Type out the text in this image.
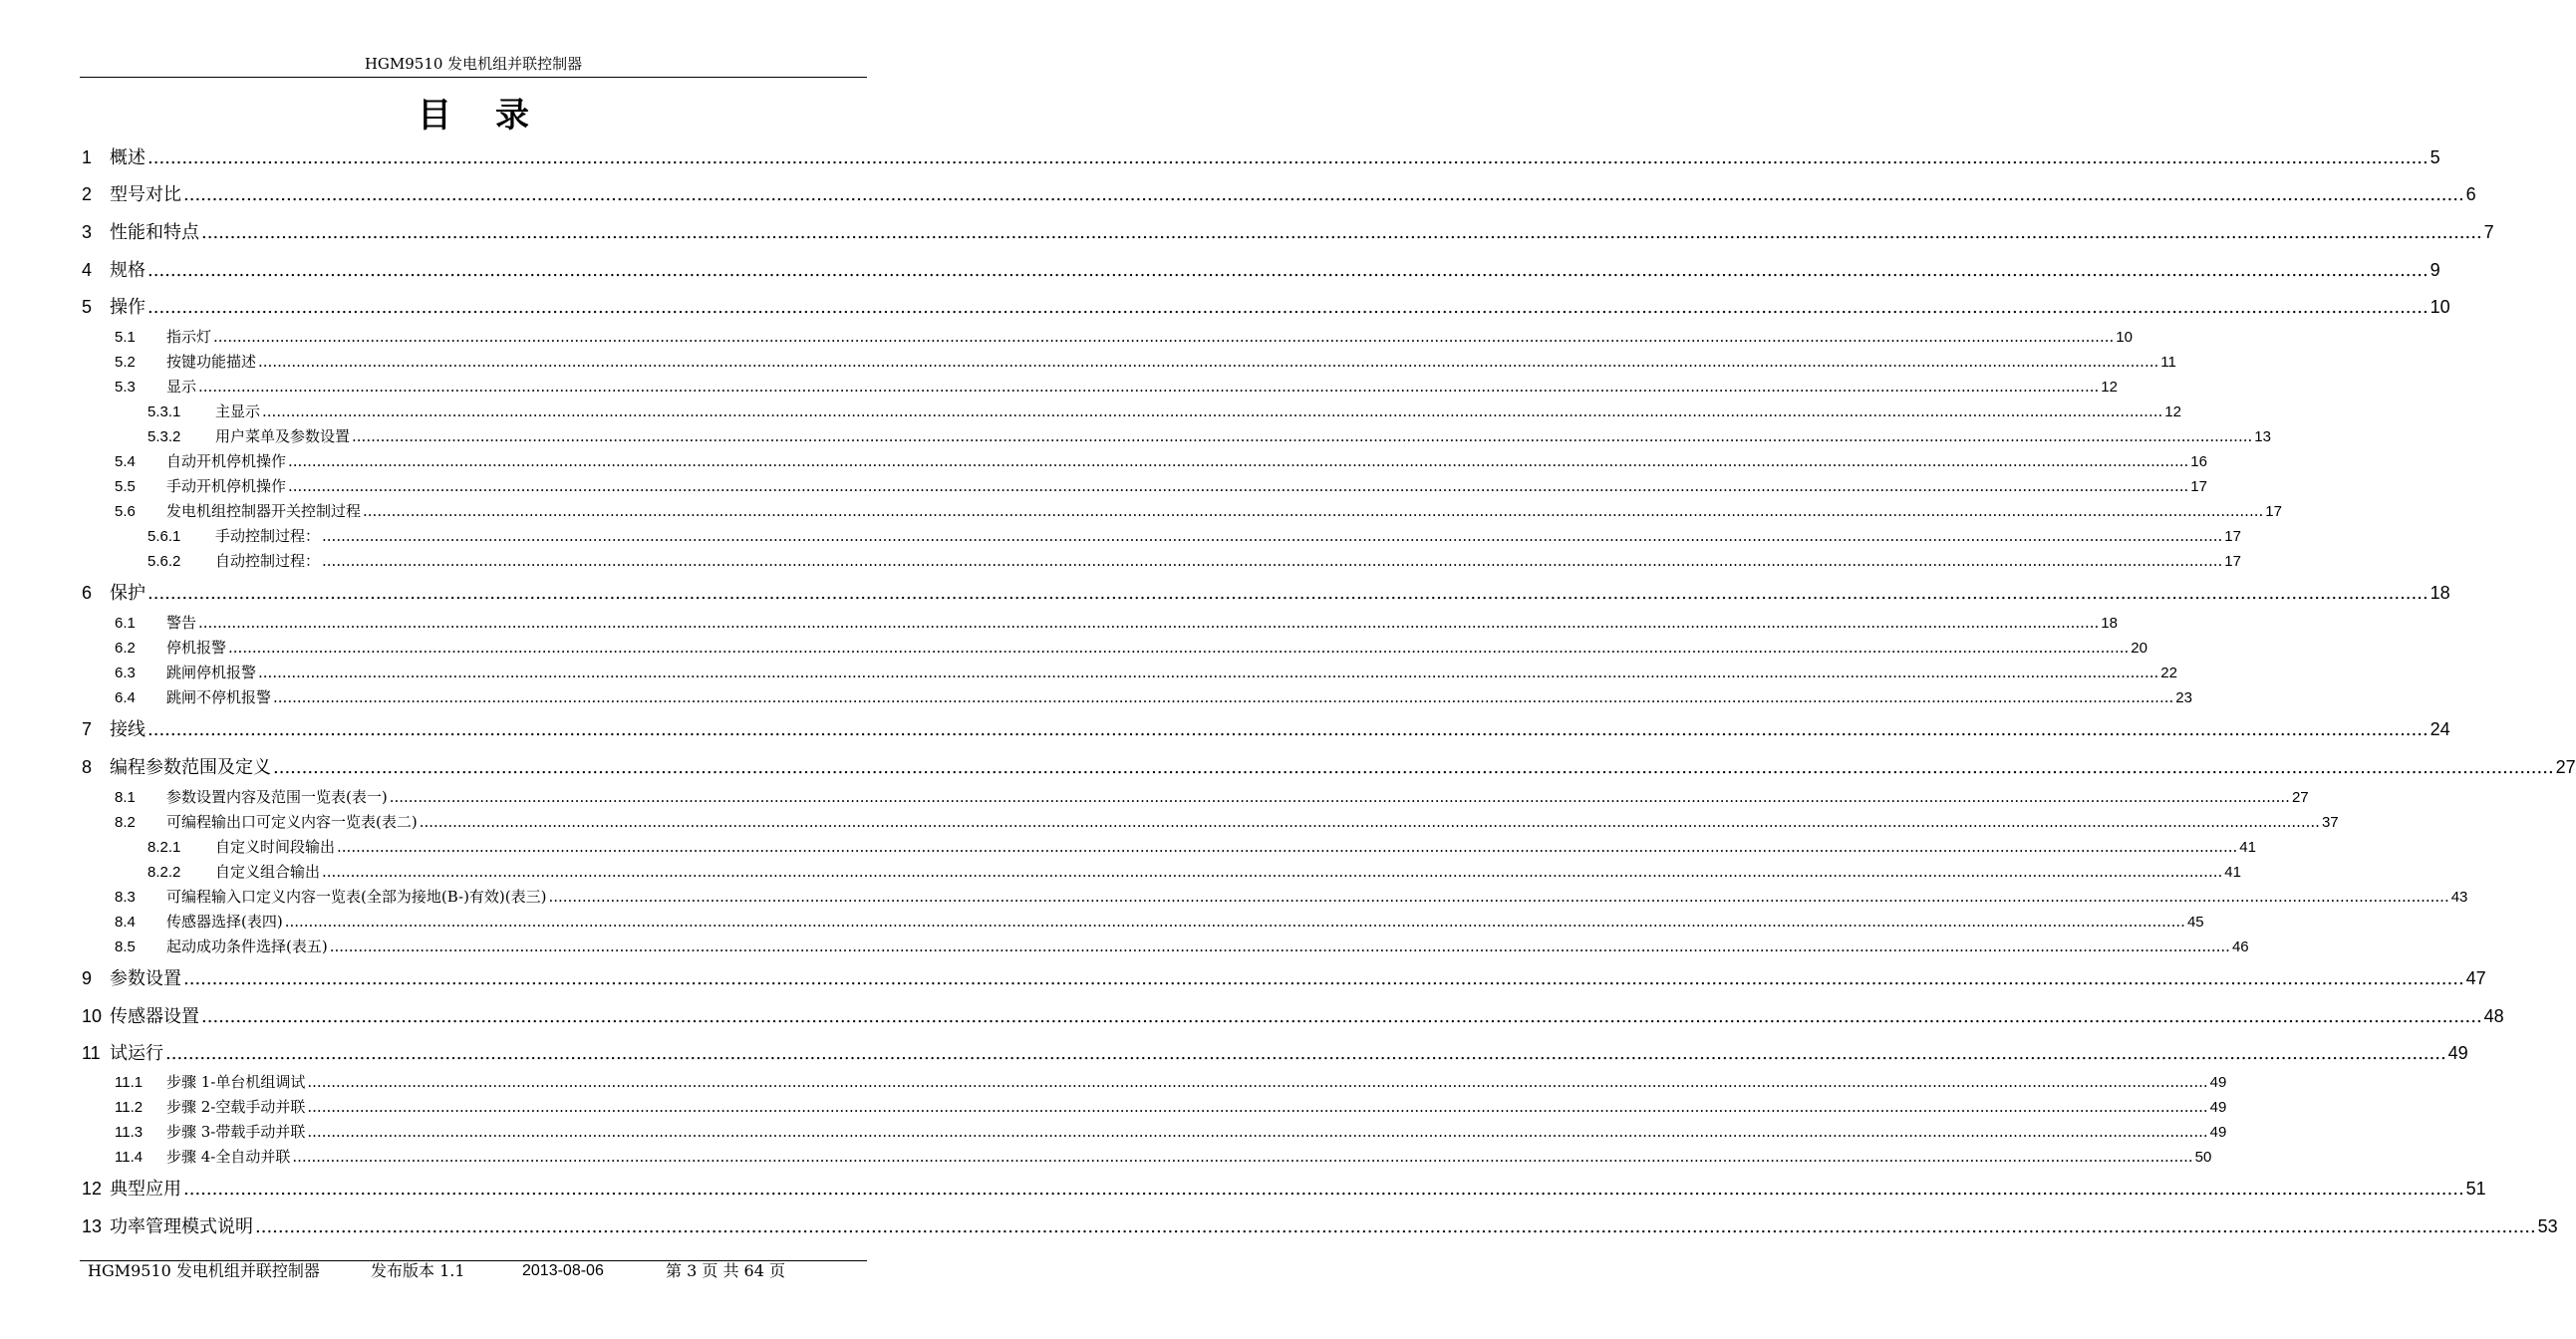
HGM9510 发电机组并联控制器
目录
1 概述 ................................................................................................................................................................................................................................................................................................................................................................................................................ 5
2 型号对比 ................................................................................................................................................................................................................................................................................................................................................................................................................ 6
3 性能和特点 ................................................................................................................................................................................................................................................................................................................................................................................................................ 7
4 规格 ................................................................................................................................................................................................................................................................................................................................................................................................................ 9
5 操作 ................................................................................................................................................................................................................................................................................................................................................................................................................ 10
5.1	指示灯 ................................................................................................................................................................................................................................................................................................................................................................................................................ 10
5.2	按键功能描述 ................................................................................................................................................................................................................................................................................................................................................................................................................ 11
5.3	显示 ................................................................................................................................................................................................................................................................................................................................................................................................................ 12
5.3.1	主显示 ................................................................................................................................................................................................................................................................................................................................................................................................................ 12
5.3.2	用户菜单及参数设置 ................................................................................................................................................................................................................................................................................................................................................................................................................ 13
5.4	自动开机停机操作 ................................................................................................................................................................................................................................................................................................................................................................................................................ 16
5.5	手动开机停机操作 ................................................................................................................................................................................................................................................................................................................................................................................................................ 17
5.6	发电机组控制器开关控制过程 ................................................................................................................................................................................................................................................................................................................................................................................................................ 17
5.6.1	手动控制过程： ................................................................................................................................................................................................................................................................................................................................................................................................................ 17
5.6.2	自动控制过程： ................................................................................................................................................................................................................................................................................................................................................................................................................ 17
6 保护 ................................................................................................................................................................................................................................................................................................................................................................................................................ 18
6.1	警告 ................................................................................................................................................................................................................................................................................................................................................................................................................ 18
6.2	停机报警 ................................................................................................................................................................................................................................................................................................................................................................................................................ 20
6.3	跳闸停机报警 ................................................................................................................................................................................................................................................................................................................................................................................................................ 22
6.4	跳闸不停机报警 ................................................................................................................................................................................................................................................................................................................................................................................................................ 23
7 接线 ................................................................................................................................................................................................................................................................................................................................................................................................................ 24
8 编程参数范围及定义 ................................................................................................................................................................................................................................................................................................................................................................................................................ 27
8.1	参数设置内容及范围一览表(表一) ................................................................................................................................................................................................................................................................................................................................................................................................................ 27
8.2	可编程输出口可定义内容一览表(表二) ................................................................................................................................................................................................................................................................................................................................................................................................................ 37
8.2.1	自定义时间段输出 ................................................................................................................................................................................................................................................................................................................................................................................................................ 41
8.2.2	自定义组合输出 ................................................................................................................................................................................................................................................................................................................................................................................................................ 41
8.3	可编程输入口定义内容一览表(全部为接地(B-)有效)(表三) ................................................................................................................................................................................................................................................................................................................................................................................................................ 43
8.4	传感器选择(表四) ................................................................................................................................................................................................................................................................................................................................................................................................................ 45
8.5	起动成功条件选择(表五) ................................................................................................................................................................................................................................................................................................................................................................................................................ 46
9 参数设置 ................................................................................................................................................................................................................................................................................................................................................................................................................ 47
10 传感器设置 ................................................................................................................................................................................................................................................................................................................................................................................................................ 48
11 试运行 ................................................................................................................................................................................................................................................................................................................................................................................................................ 49
11.1	步骤 1-单台机组调试 ................................................................................................................................................................................................................................................................................................................................................................................................................ 49
11.2	步骤 2-空载手动并联 ................................................................................................................................................................................................................................................................................................................................................................................................................ 49
11.3	步骤 3-带载手动并联 ................................................................................................................................................................................................................................................................................................................................................................................................................ 49
11.4	步骤 4-全自动并联 ................................................................................................................................................................................................................................................................................................................................................................................................................ 50
12 典型应用 ................................................................................................................................................................................................................................................................................................................................................................................................................ 51
13 功率管理模式说明 ................................................................................................................................................................................................................................................................................................................................................................................................................ 53
HGM9510 发电机组并联控制器	发布版本 1.1	2013-08-06	第 3 页 共 64 页
